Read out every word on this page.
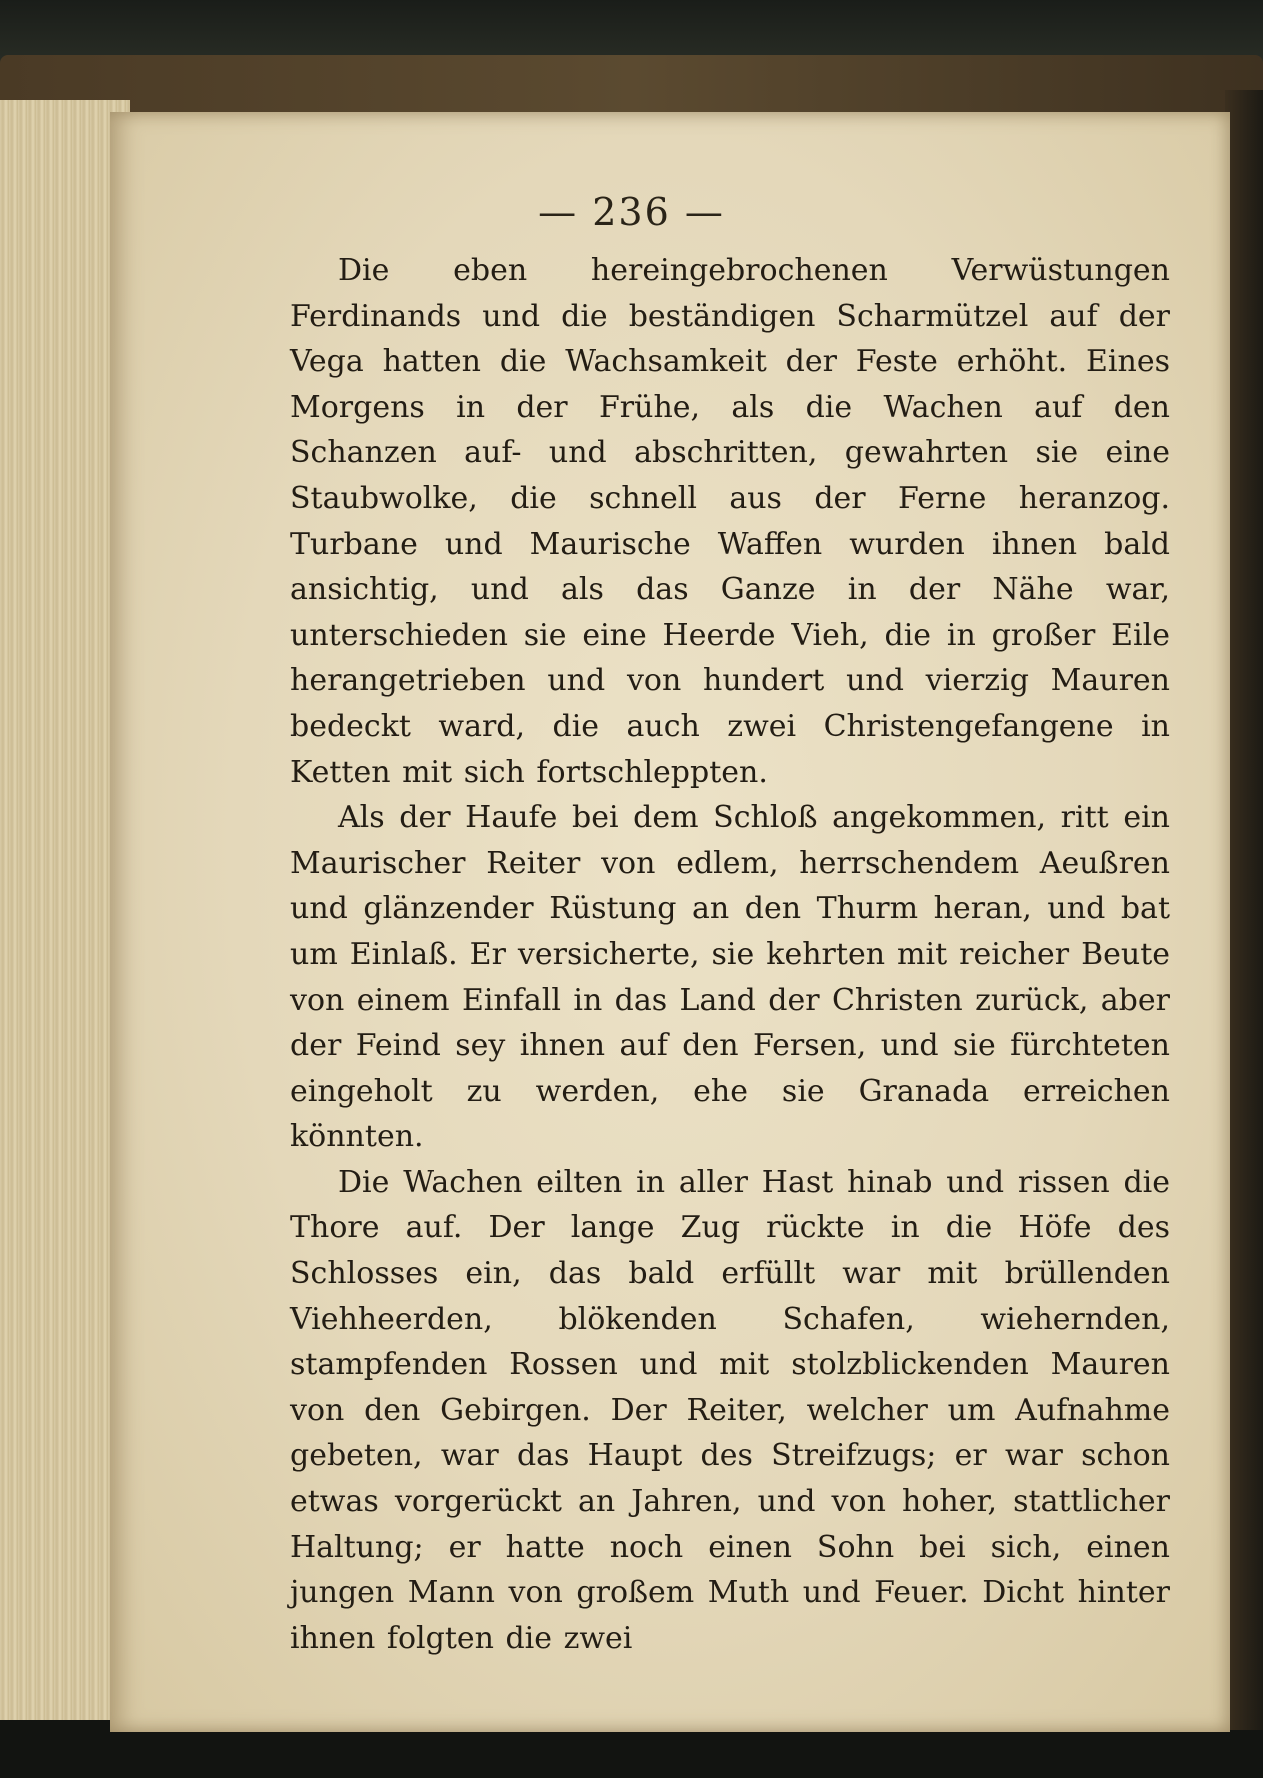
— 236 —

Die eben hereingebrochenen Verwüstungen Ferdinands und die beständigen Scharmützel auf der Vega hatten die Wachsamkeit der Feste erhöht. Eines Morgens in der Frühe, als die Wachen auf den Schanzen auf- und abschritten, gewahrten sie eine Staubwolke, die schnell aus der Ferne heranzog. Turbane und Maurische Waffen wurden ihnen bald ansichtig, und als das Ganze in der Nähe war, unterschieden sie eine Heerde Vieh, die in großer Eile herangetrieben und von hundert und vierzig Mauren bedeckt ward, die auch zwei Christengefangene in Ketten mit sich fortschleppten.

Als der Haufe bei dem Schloß angekommen, ritt ein Maurischer Reiter von edlem, herrschendem Aeußren und glänzender Rüstung an den Thurm heran, und bat um Einlaß. Er versicherte, sie kehrten mit reicher Beute von einem Einfall in das Land der Christen zurück, aber der Feind sey ihnen auf den Fersen, und sie fürchteten eingeholt zu werden, ehe sie Granada erreichen könnten.

Die Wachen eilten in aller Hast hinab und rissen die Thore auf. Der lange Zug rückte in die Höfe des Schlosses ein, das bald erfüllt war mit brüllenden Viehheerden, blökenden Schafen, wiehernden, stampfenden Rossen und mit stolzblickenden Mauren von den Gebirgen. Der Reiter, welcher um Aufnahme gebeten, war das Haupt des Streifzugs; er war schon etwas vorgerückt an Jahren, und von hoher, stattlicher Haltung; er hatte noch einen Sohn bei sich, einen jungen Mann von großem Muth und Feuer. Dicht hinter ihnen folgten die zwei
